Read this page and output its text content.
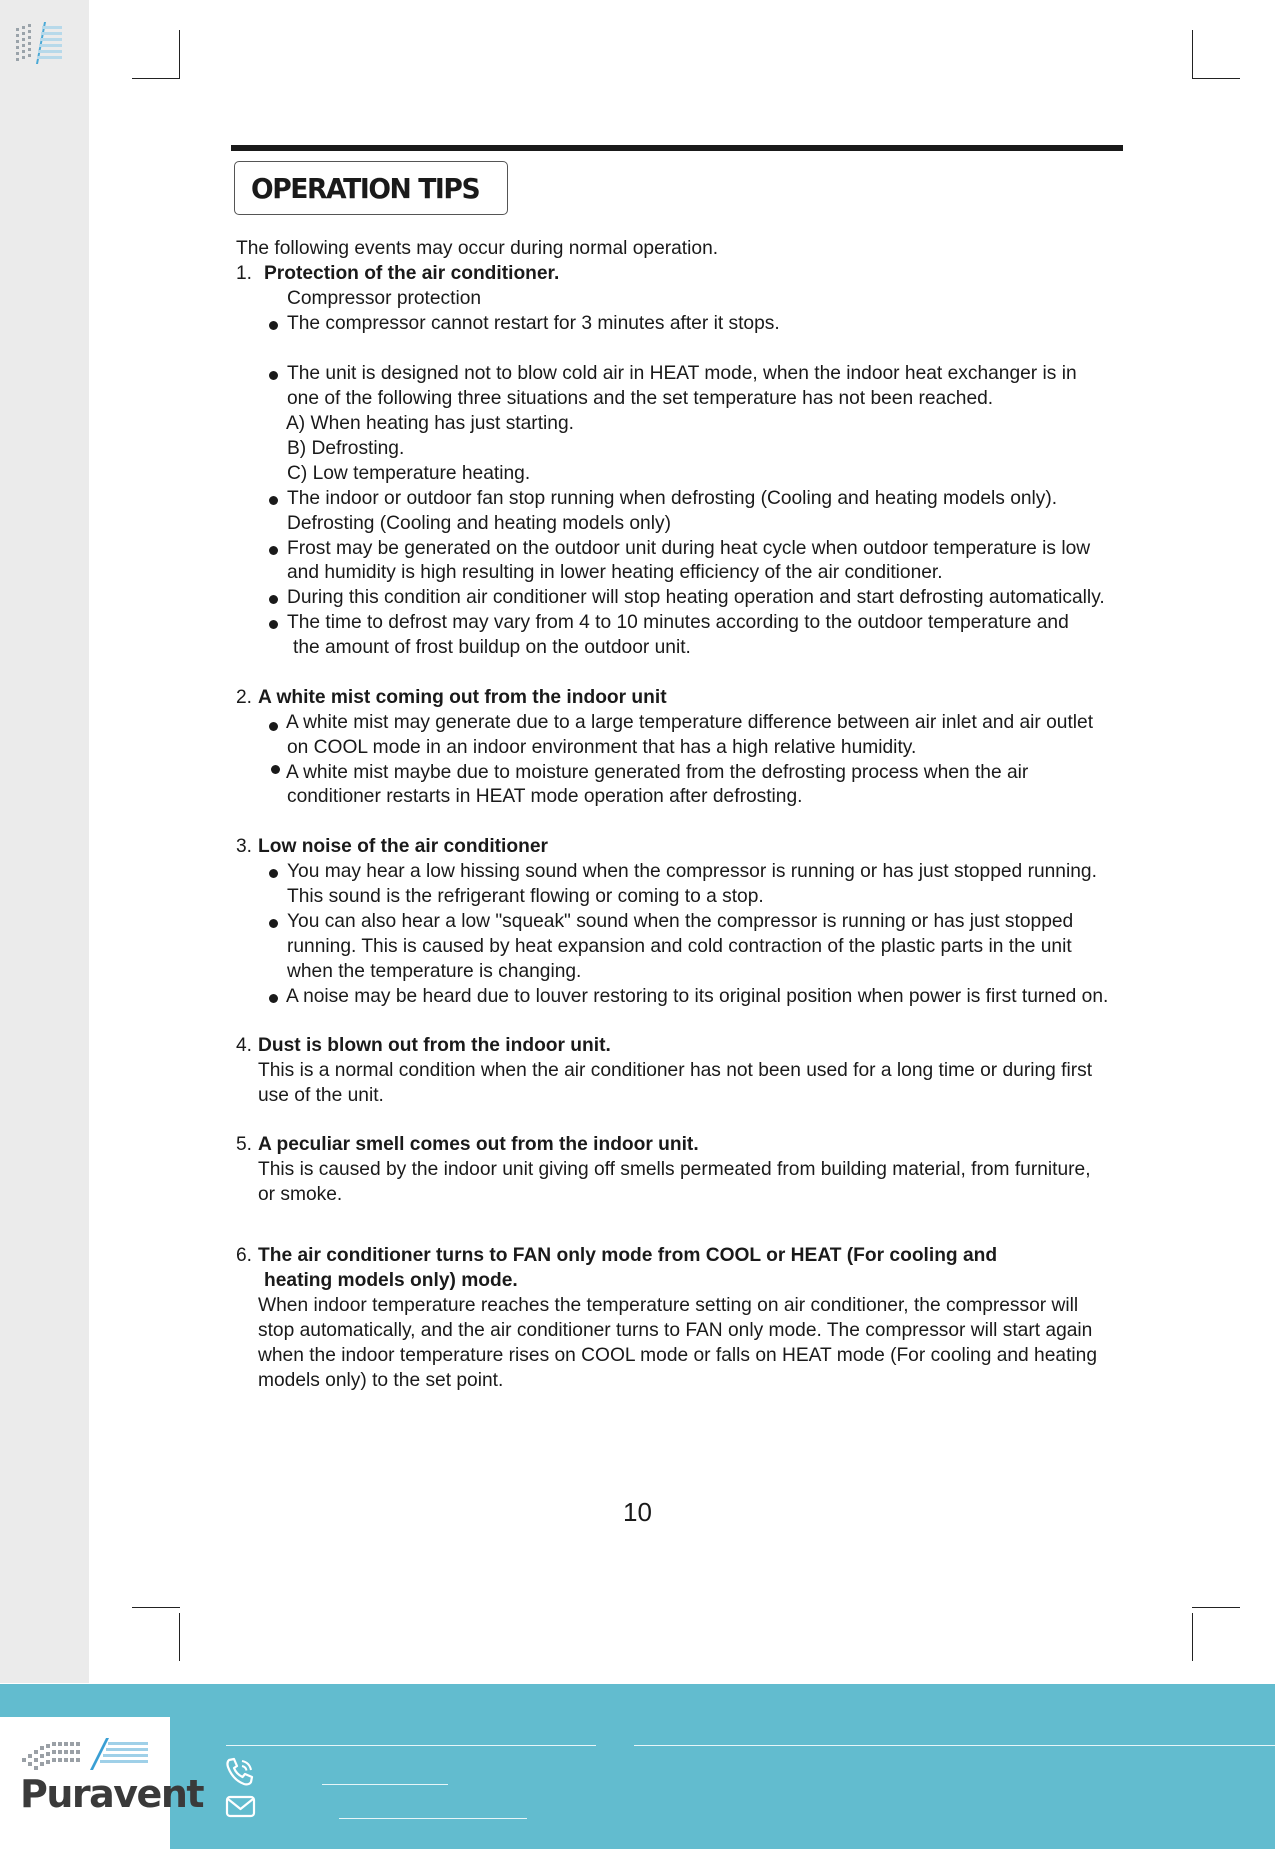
OPERATION TIPS
The following events may occur during normal operation.
1. Protection of the air conditioner.
Compressor protection
The compressor cannot restart for 3 minutes after it stops.
The unit is designed not to blow cold air in HEAT mode, when the indoor heat exchanger is in
one of the following three situations and the set temperature has not been reached.
A) When heating has just starting.
B) Defrosting.
C) Low temperature heating.
The indoor or outdoor fan stop running when defrosting (Cooling and heating models only).
Defrosting (Cooling and heating models only)
Frost may be generated on the outdoor unit during heat cycle when outdoor temperature is low
and humidity is high resulting in lower heating efficiency of the air conditioner.
During this condition air conditioner will stop heating operation and start defrosting automatically.
The time to defrost may vary from 4 to 10 minutes according to the outdoor temperature and
the amount of frost buildup on the outdoor unit.
2. A white mist coming out from the indoor unit
A white mist may generate due to a large temperature difference between air inlet and air outlet
on COOL mode in an indoor environment that has a high relative humidity.
A white mist maybe due to moisture generated from the defrosting process when the air
conditioner restarts in HEAT mode operation after defrosting.
3. Low noise of the air conditioner
You may hear a low hissing sound when the compressor is running or has just stopped running.
This sound is the refrigerant flowing or coming to a stop.
You can also hear a low "squeak" sound when the compressor is running or has just stopped
running. This is caused by heat expansion and cold contraction of the plastic parts in the unit
when the temperature is changing.
A noise may be heard due to louver restoring to its original position when power is first turned on.
4. Dust is blown out from the indoor unit.
This is a normal condition when the air conditioner has not been used for a long time or during first
use of the unit.
5. A peculiar smell comes out from the indoor unit.
This is caused by the indoor unit giving off smells permeated from building material, from furniture,
or smoke.
6. The air conditioner turns to FAN only mode from COOL or HEAT (For cooling and
heating models only) mode.
When indoor temperature reaches the temperature setting on air conditioner, the compressor will
stop automatically, and the air conditioner turns to FAN only mode. The compressor will start again
when the indoor temperature rises on COOL mode or falls on HEAT mode (For cooling and heating
models only) to the set point.
10
Puravent
